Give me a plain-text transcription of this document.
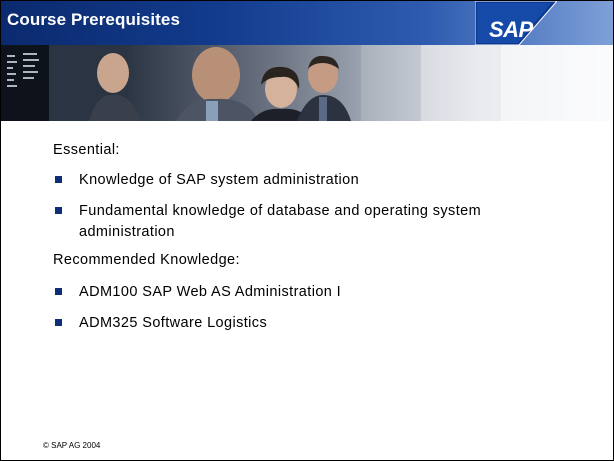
Course Prerequisites	SAP
Essential:
Knowledge of SAP system administration
Fundamental knowledge of database and operating system administration
Recommended Knowledge:
ADM100 SAP Web AS Administration I
ADM325 Software Logistics
© SAP AG 2004
